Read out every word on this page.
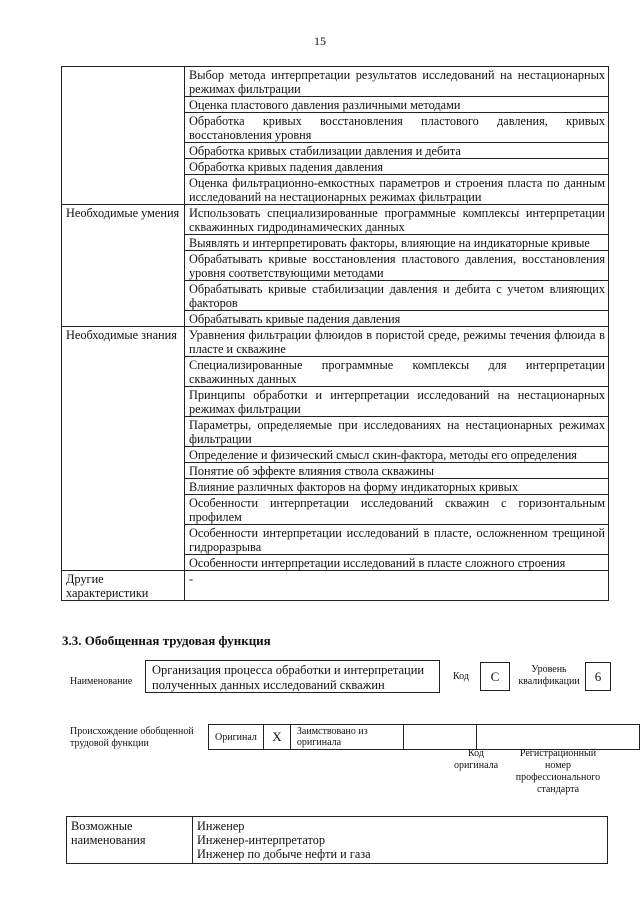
15
	Выбор метода интерпретации результатов исследований на нестационарных режимах фильтрации
	Оценка пластового давления различными методами
	Обработка кривых восстановления пластового давления, кривых восстановления уровня
	Обработка кривых стабилизации давления и дебита
	Обработка кривых падения давления
	Оценка фильтрационно-емкостных параметров и строения пласта по данным исследований на нестационарных режимах фильтрации
Необходимые умения	Использовать специализированные программные комплексы интерпретации скважинных гидродинамических данных
	Выявлять и интерпретировать факторы, влияющие на индикаторные кривые
	Обрабатывать кривые восстановления пластового давления, восстановления уровня соответствующими методами
	Обрабатывать кривые стабилизации давления и дебита с учетом влияющих факторов
	Обрабатывать кривые падения давления
Необходимые знания	Уравнения фильтрации флюидов в пористой среде, режимы течения флюида в пласте и скважине
	Специализированные программные комплексы для интерпретации скважинных данных
	Принципы обработки и интерпретации исследований на нестационарных режимах фильтрации
	Параметры, определяемые при исследованиях на нестационарных режимах фильтрации
	Определение и физический смысл скин-фактора, методы его определения
	Понятие об эффекте влияния ствола скважины
	Влияние различных факторов на форму индикаторных кривых
	Особенности интерпретации исследований скважин с горизонтальным профилем
	Особенности интерпретации исследований в пласте, осложненном трещиной гидроразрыва
	Особенности интерпретации исследований в пласте сложного строения
Другие характеристики	-
3.3. Обобщенная трудовая функция
Наименование
Организация процесса обработки и интерпретации полученных данных исследований скважин
Код	C	Уровень квалификации	6
Происхождение обобщенной трудовой функции
Оригинал	X	Заимствовано из оригинала		
Код оригинала
Регистрационный номер профессионального стандарта
Возможные наименования	
Инженер
Инженер-интерпретатор
Инженер по добыче нефти и газа
